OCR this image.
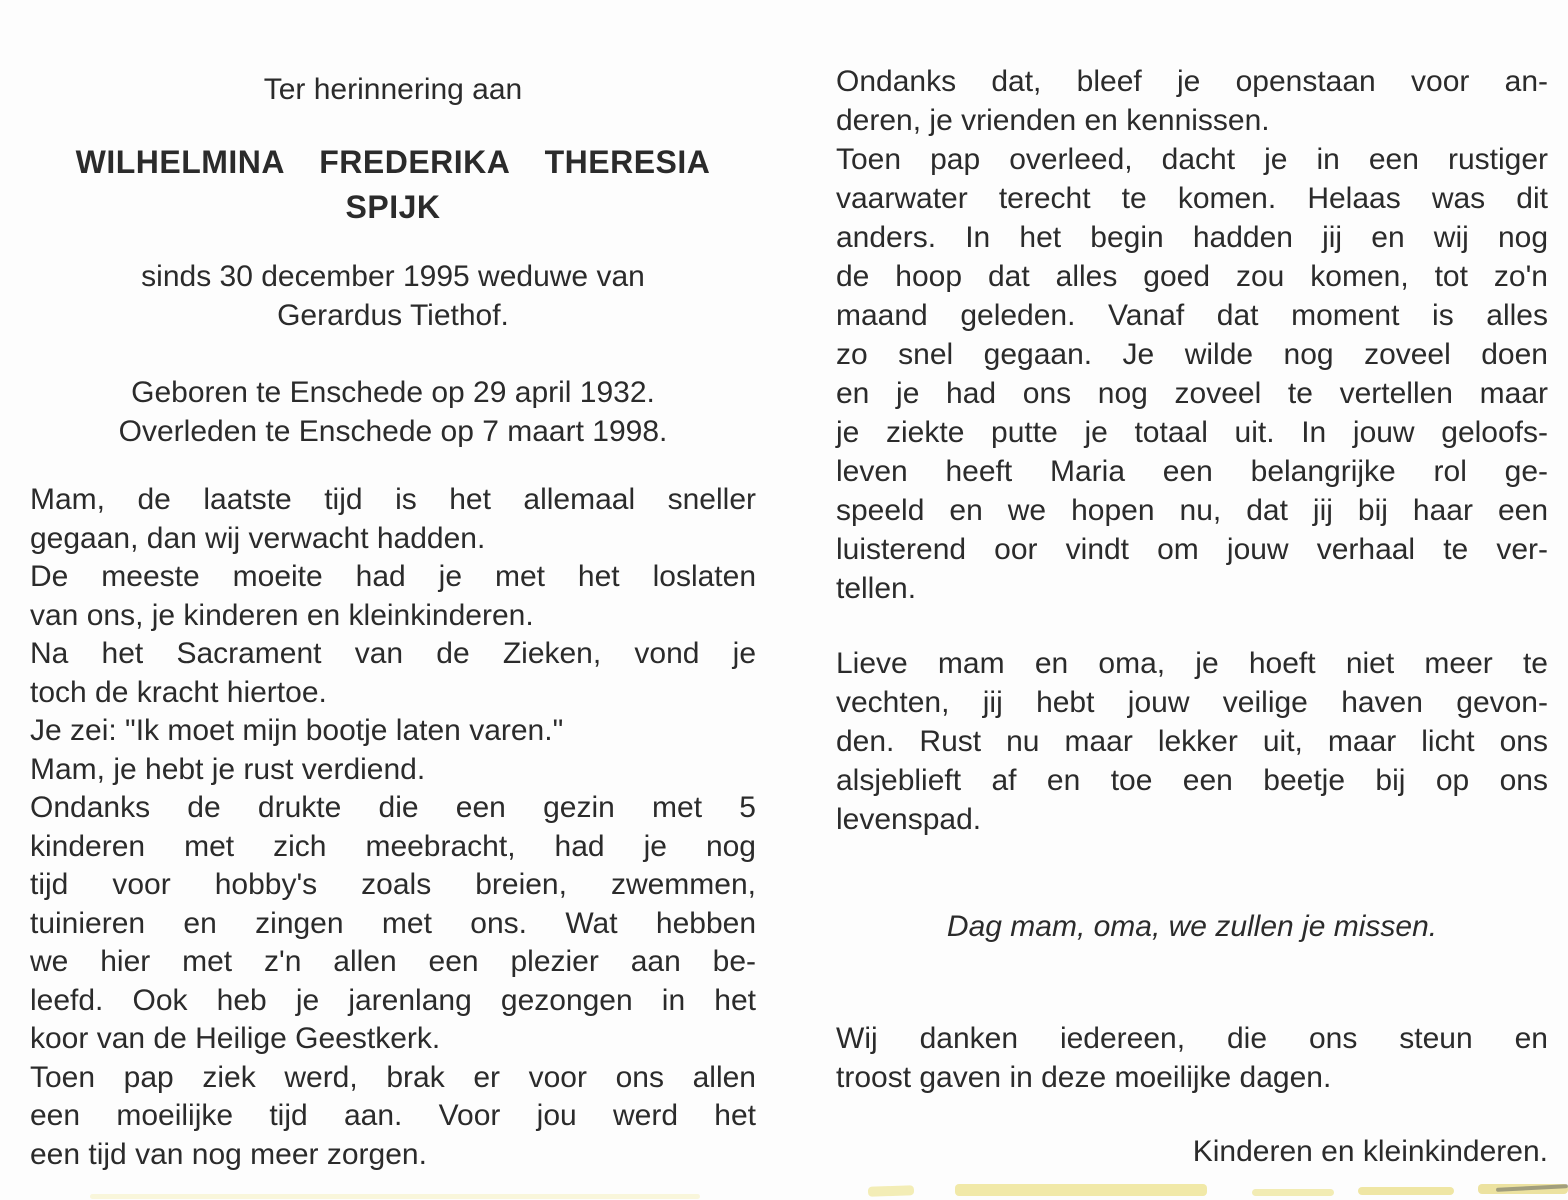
Ter herinnering aan
WILHELMINA FREDERIKA THERESIA
SPIJK
sinds 30 december 1995 weduwe van
Gerardus Tiethof.
Geboren te Enschede op 29 april 1932.
Overleden te Enschede op 7 maart 1998.
Mam, de laatste tijd is het allemaal sneller
gegaan, dan wij verwacht hadden.
De meeste moeite had je met het loslaten
van ons, je kinderen en kleinkinderen.
Na het Sacrament van de Zieken, vond je
toch de kracht hiertoe.
Je zei: "Ik moet mijn bootje laten varen."
Mam, je hebt je rust verdiend.
Ondanks de drukte die een gezin met 5
kinderen met zich meebracht, had je nog
tijd voor hobby's zoals breien, zwemmen,
tuinieren en zingen met ons. Wat hebben
we hier met z'n allen een plezier aan be-
leefd. Ook heb je jarenlang gezongen in het
koor van de Heilige Geestkerk.
Toen pap ziek werd, brak er voor ons allen
een moeilijke tijd aan. Voor jou werd het
een tijd van nog meer zorgen.
Ondanks dat, bleef je openstaan voor an-
deren, je vrienden en kennissen.
Toen pap overleed, dacht je in een rustiger
vaarwater terecht te komen. Helaas was dit
anders. In het begin hadden jij en wij nog
de hoop dat alles goed zou komen, tot zo'n
maand geleden. Vanaf dat moment is alles
zo snel gegaan. Je wilde nog zoveel doen
en je had ons nog zoveel te vertellen maar
je ziekte putte je totaal uit. In jouw geloofs-
leven heeft Maria een belangrijke rol ge-
speeld en we hopen nu, dat jij bij haar een
luisterend oor vindt om jouw verhaal te ver-
tellen.
Lieve mam en oma, je hoeft niet meer te
vechten, jij hebt jouw veilige haven gevon-
den. Rust nu maar lekker uit, maar licht ons
alsjeblieft af en toe een beetje bij op ons
levenspad.
Dag mam, oma, we zullen je missen.
Wij danken iedereen, die ons steun en
troost gaven in deze moeilijke dagen.
Kinderen en kleinkinderen.
